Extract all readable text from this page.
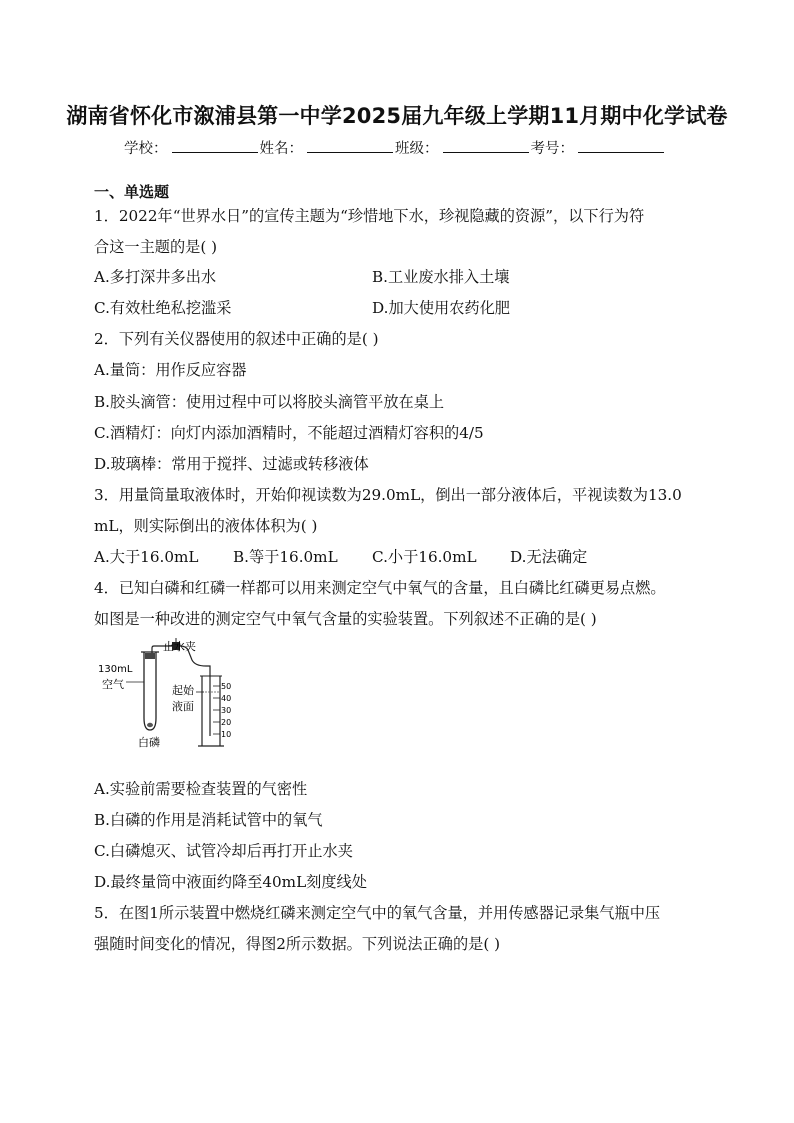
湖南省怀化市溆浦县第一中学2025届九年级上学期11月期中化学试卷
学校：	姓名：	班级：	考号：
一、单选题
1．2022年“世界水日”的宣传主题为“珍惜地下水，珍视隐藏的资源”，以下行为符
合这一主题的是( )
A.多打深井多出水	B.工业废水排入土壤
C.有效杜绝私挖滥采	D.加大使用农药化肥
2．下列有关仪器使用的叙述中正确的是( )
A.量筒：用作反应容器
B.胶头滴管：使用过程中可以将胶头滴管平放在桌上
C.酒精灯：向灯内添加酒精时，不能超过酒精灯容积的4/5
D.玻璃棒：常用于搅拌、过滤或转移液体
3．用量筒量取液体时，开始仰视读数为29.0mL，倒出一部分液体后，平视读数为13.0
mL，则实际倒出的液体体积为( )
A.大于16.0mL B.等于16.0mL C.小于16.0mL D.无法确定
4．已知白磷和红磷一样都可以用来测定空气中氧气的含量，且白磷比红磷更易点燃。
如图是一种改进的测定空气中氧气含量的实验装置。下列叙述不正确的是( )
50
40
30
20
10
止水夹
130mL
空气	起始
液面
白磷
A.实验前需要检查装置的气密性
B.白磷的作用是消耗试管中的氧气
C.白磷熄灭、试管冷却后再打开止水夹
D.最终量筒中液面约降至40mL刻度线处
5．在图1所示装置中燃烧红磷来测定空气中的氧气含量，并用传感器记录集气瓶中压
强随时间变化的情况，得图2所示数据。下列说法正确的是( )
